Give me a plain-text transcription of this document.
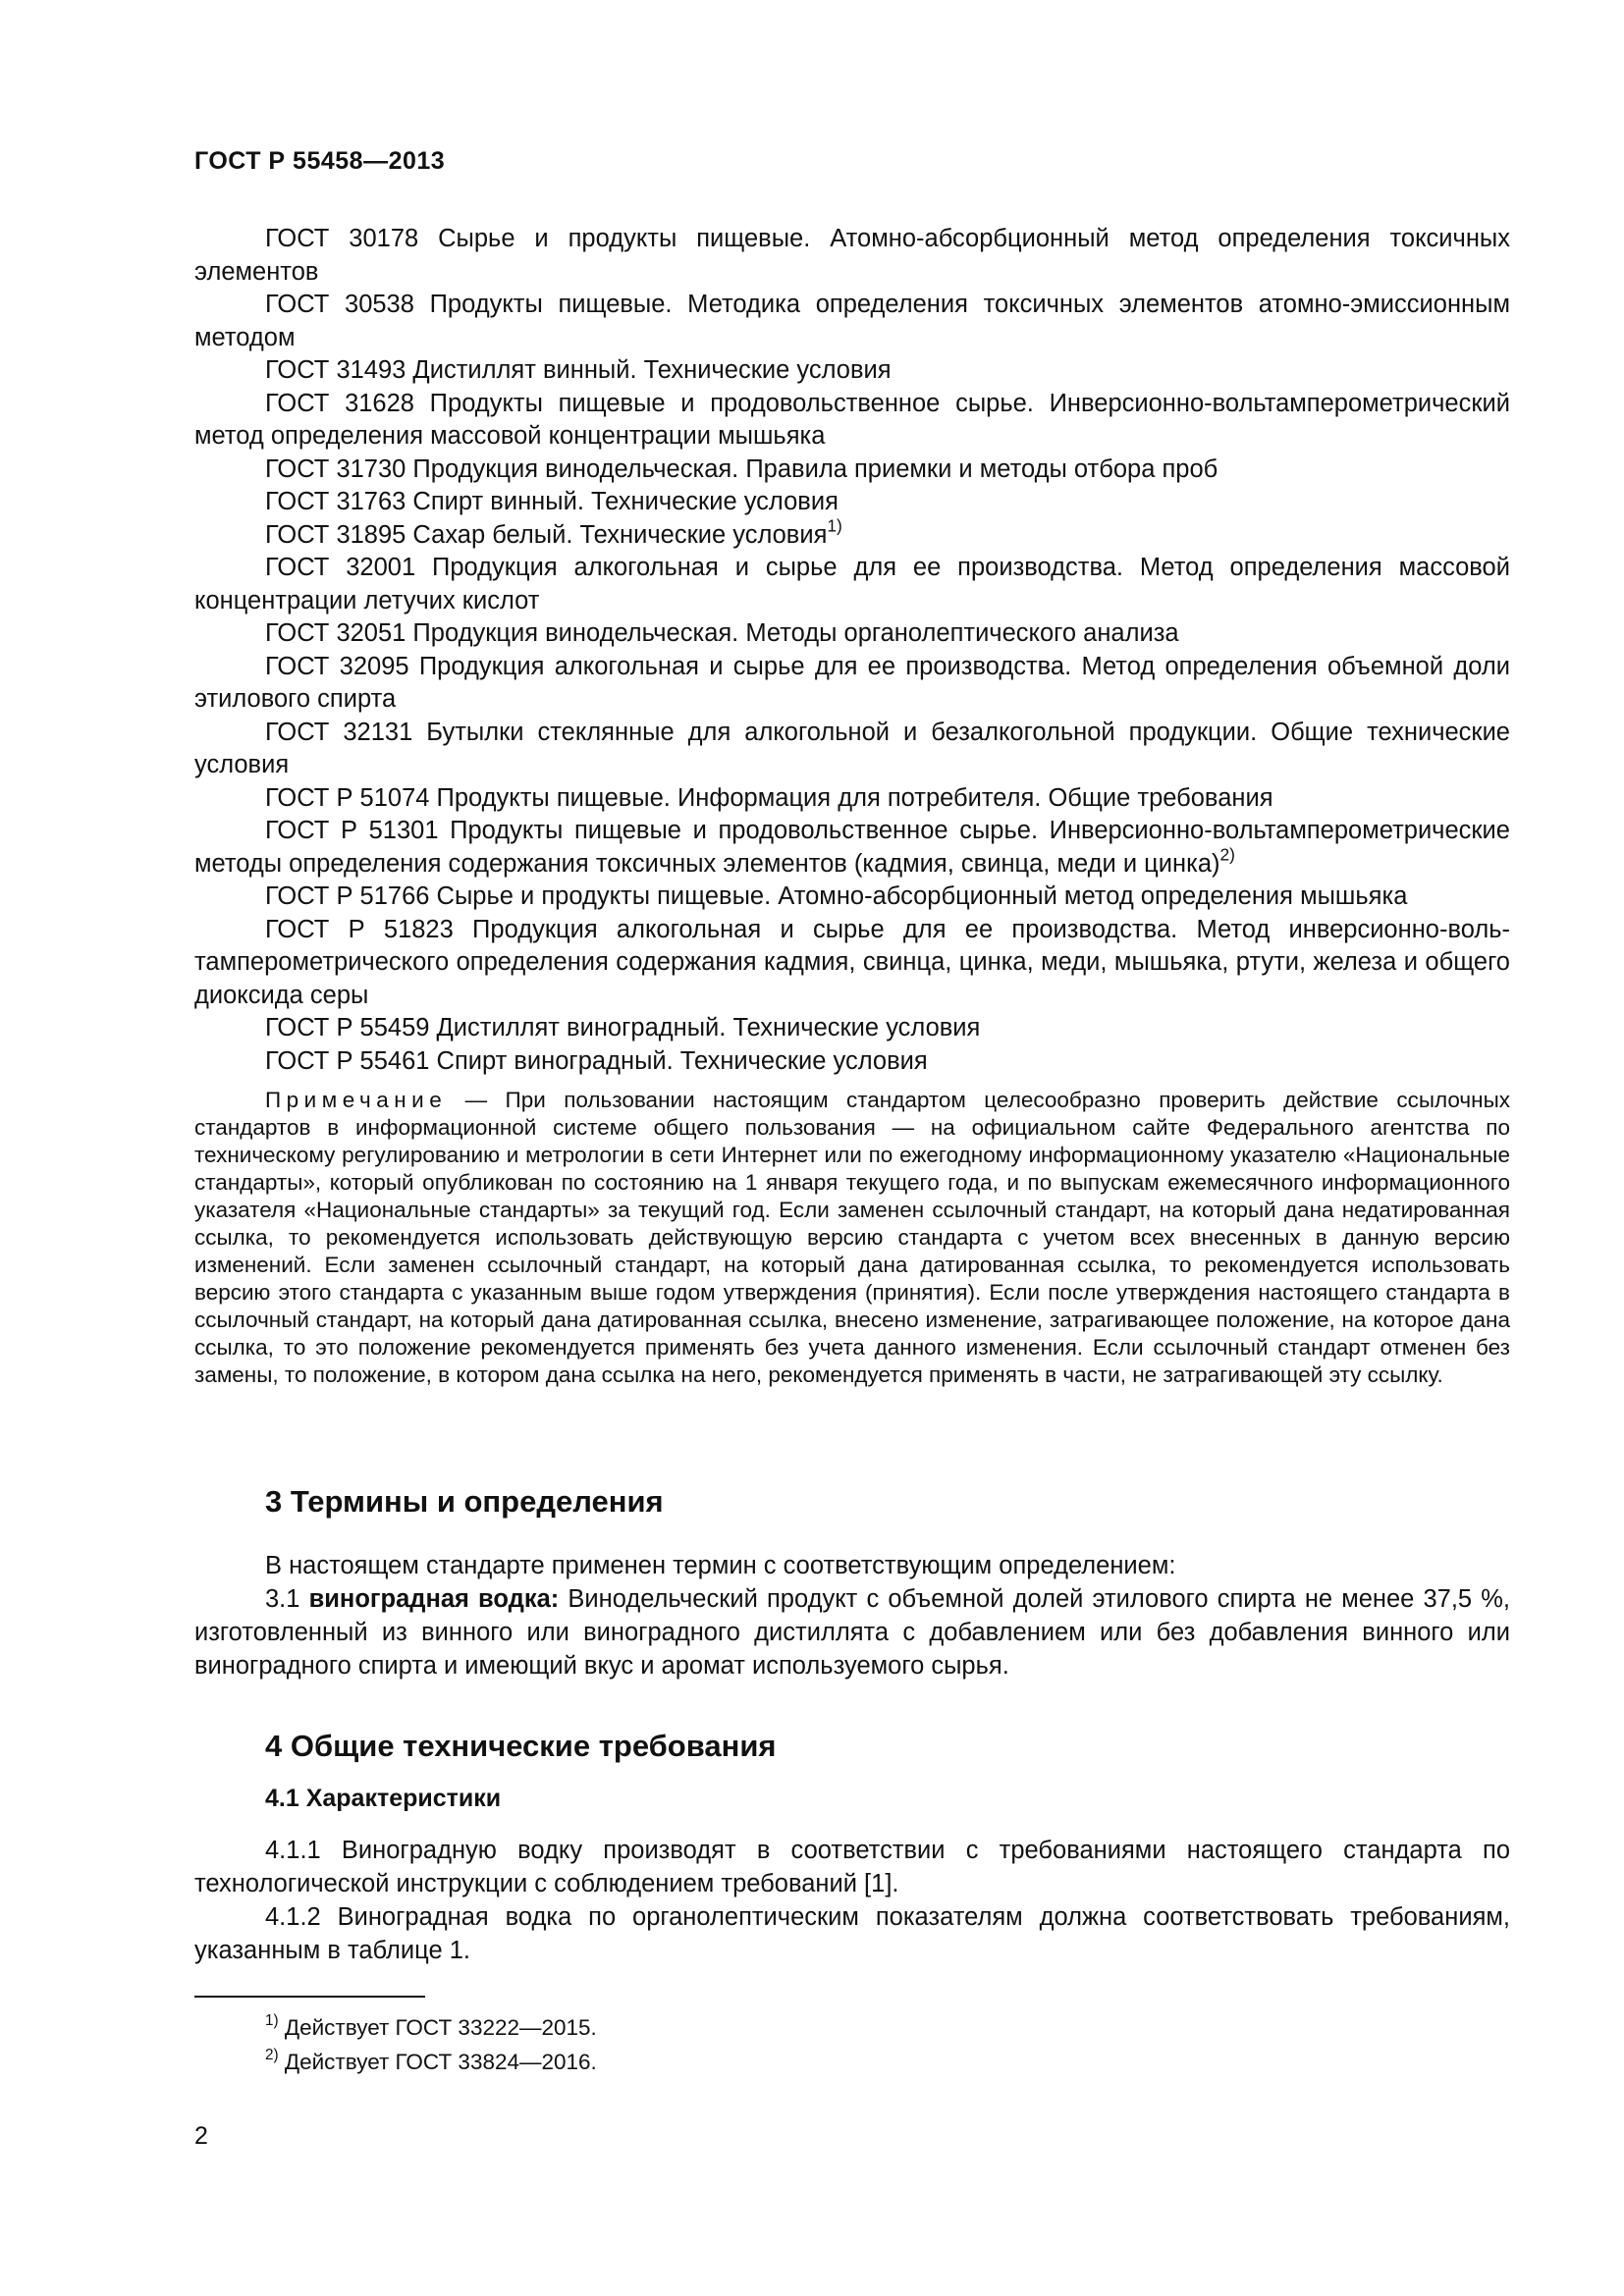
ГОСТ Р 55458—2013

ГОСТ 30178 Сырье и продукты пищевые. Атомно-абсорбционный метод определения токсичных элементов

ГОСТ 30538 Продукты пищевые. Методика определения токсичных элементов атомно-эмиссионным методом

ГОСТ 31493 Дистиллят винный. Технические условия

ГОСТ 31628 Продукты пищевые и продовольственное сырье. Инверсионно-вольтамперометрический метод определения массовой концентрации мышьяка

ГОСТ 31730 Продукция винодельческая. Правила приемки и методы отбора проб

ГОСТ 31763 Спирт винный. Технические условия

ГОСТ 31895 Сахар белый. Технические условия$^{1)}$

ГОСТ 32001 Продукция алкогольная и сырье для ее производства. Метод определения массовой концентрации летучих кислот

ГОСТ 32051 Продукция винодельческая. Методы органолептического анализа

ГОСТ 32095 Продукция алкогольная и сырье для ее производства. Метод определения объемной доли этилового спирта

ГОСТ 32131 Бутылки стеклянные для алкогольной и безалкогольной продукции. Общие технические условия

ГОСТ Р 51074 Продукты пищевые. Информация для потребителя. Общие требования

ГОСТ Р 51301 Продукты пищевые и продовольственное сырье. Инверсионно-вольтамперометрические методы определения содержания токсичных элементов (кадмия, свинца, меди и цинка)$^{2)}$

ГОСТ Р 51766 Сырье и продукты пищевые. Атомно-абсорбционный метод определения мышьяка

ГОСТ Р 51823 Продукция алкогольная и сырье для ее производства. Метод инверсионно-вольтамперометрического определения содержания кадмия, свинца, цинка, меди, мышьяка, ртути, железа и общего диоксида серы

ГОСТ Р 55459 Дистиллят виноградный. Технические условия

ГОСТ Р 55461 Спирт виноградный. Технические условия

Примечание — При пользовании настоящим стандартом целесообразно проверить действие ссылочных стандартов в информационной системе общего пользования — на официальном сайте Федерального агентства по техническому регулированию и метрологии в сети Интернет или по ежегодному информационному указателю «Национальные стандарты», который опубликован по состоянию на 1 января текущего года, и по выпускам ежемесячного информационного указателя «Национальные стандарты» за текущий год. Если заменен ссылочный стандарт, на который дана недатированная ссылка, то рекомендуется использовать действующую версию стандарта с учетом всех внесенных в данную версию изменений. Если заменен ссылочный стандарт, на который дана датированная ссылка, то рекомендуется использовать версию этого стандарта с указанным выше годом утверждения (принятия). Если после утверждения настоящего стандарта в ссылочный стандарт, на который дана датированная ссылка, внесено изменение, затрагивающее положение, на которое дана ссылка, то это положение рекомендуется применять без учета данного изменения. Если ссылочный стандарт отменен без замены, то положение, в котором дана ссылка на него, рекомендуется применять в части, не затрагивающей эту ссылку.
3 Термины и определения

В настоящем стандарте применен термин с соответствующим определением:

3.1 виноградная водка: Винодельческий продукт с объемной долей этилового спирта не менее 37,5 %, изготовленный из винного или виноградного дистиллята с добавлением или без добавления винного или виноградного спирта и имеющий вкус и аромат используемого сырья.

4 Общие технические требования
4.1 Характеристики

4.1.1 Виноградную водку производят в соответствии с требованиями настоящего стандарта по технологической инструкции с соблюдением требований [1].

4.1.2 Виноградная водка по органолептическим показателям должна соответствовать требованиям, указанным в таблице 1.

$^{1)}$ Действует ГОСТ 33222—2015.

$^{2)}$ Действует ГОСТ 33824—2016.

2
